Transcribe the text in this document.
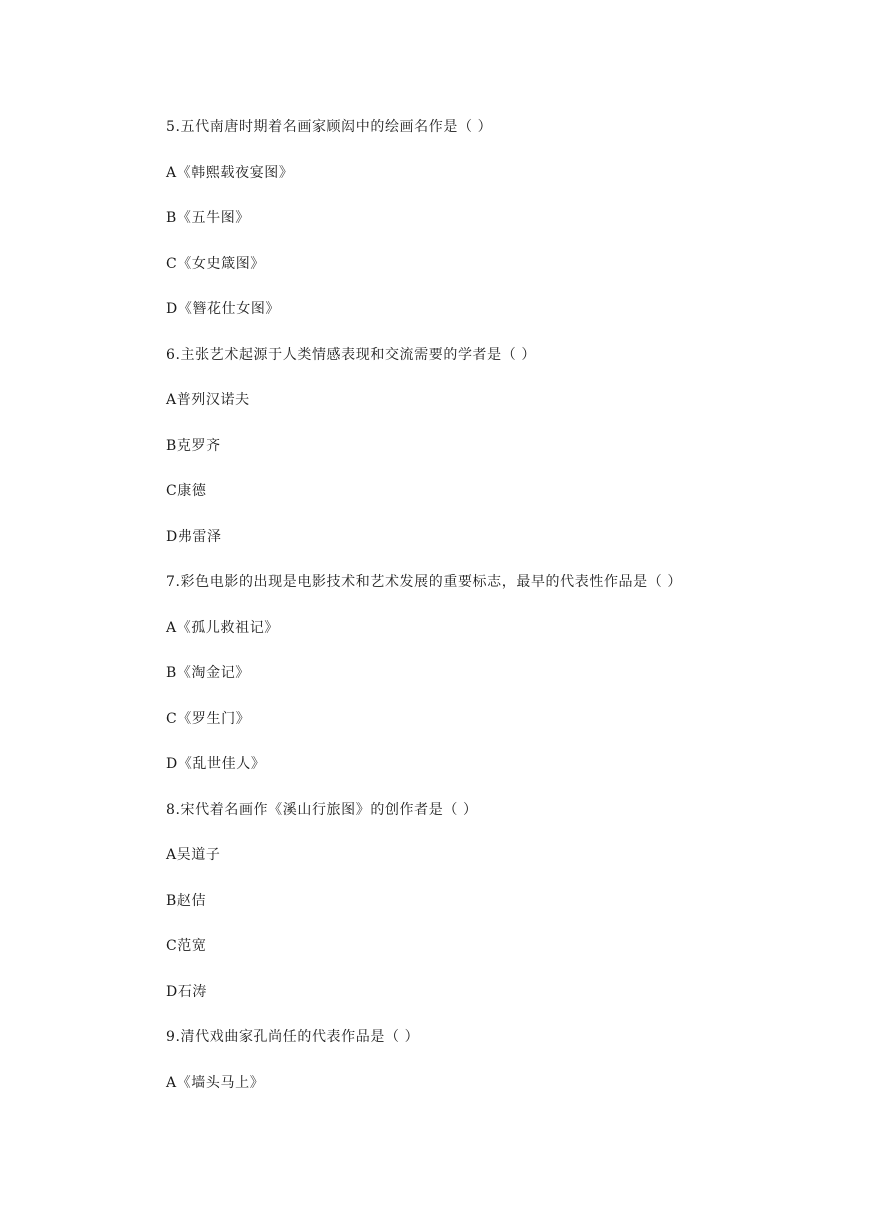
5.五代南唐时期着名画家顾闳中的绘画名作是（ ）
A《韩熙载夜宴图》
B《五牛图》
C《女史箴图》
D《簪花仕女图》
6.主张艺术起源于人类情感表现和交流需要的学者是（ ）
A普列汉诺夫
B克罗齐
C康德
D弗雷泽
7.彩色电影的出现是电影技术和艺术发展的重要标志，最早的代表性作品是（ ）
A《孤儿救祖记》
B《淘金记》
C《罗生门》
D《乱世佳人》
8.宋代着名画作《溪山行旅图》的创作者是（ ）
A吴道子
B赵佶
C范宽
D石涛
9.清代戏曲家孔尚任的代表作品是（ ）
A《墙头马上》
